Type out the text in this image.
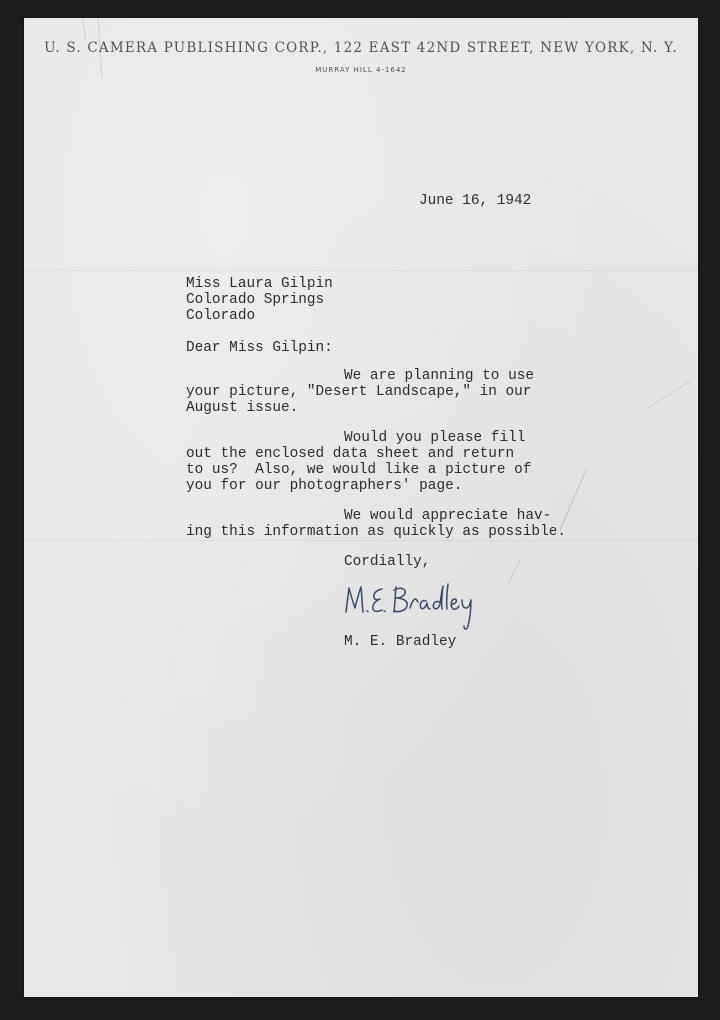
U. S. CAMERA PUBLISHING CORP., 122 EAST 42ND STREET, NEW YORK, N. Y.
MURRAY HILL 4-1642
June 16, 1942
Miss Laura Gilpin
Colorado Springs
Colorado
Dear Miss Gilpin:
We are planning to use
your picture, "Desert Landscape," in our
August issue.
Would you please fill
out the enclosed data sheet and return
to us?  Also, we would like a picture of
you for our photographers' page.
We would appreciate hav-
ing this information as quickly as possible.
Cordially,
M. E. Bradley
